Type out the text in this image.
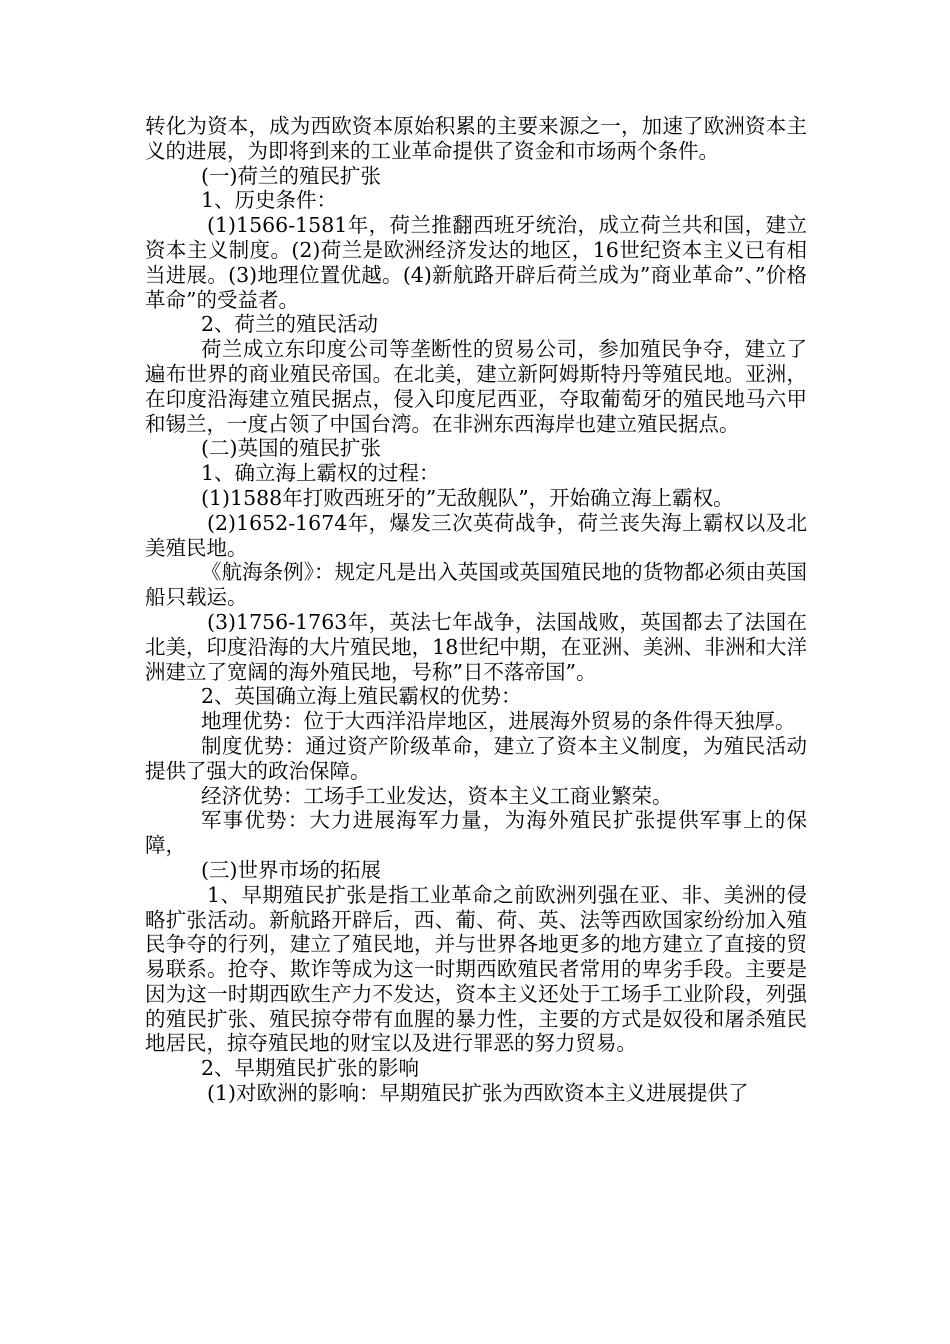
转化为资本，成为西欧资本原始积累的主要来源之一，加速了欧洲资本主义的进展，为即将到来的工业革命提供了资金和市场两个条件。

(一)荷兰的殖民扩张

1、历史条件：

(1)1566-1581年，荷兰推翻西班牙统治，成立荷兰共和国，建立资本主义制度。(2)荷兰是欧洲经济发达的地区，16世纪资本主义已有相当进展。(3)地理位置优越。(4)新航路开辟后荷兰成为”商业革命”、”价格革命”的受益者。

2、荷兰的殖民活动

荷兰成立东印度公司等垄断性的贸易公司，参加殖民争夺，建立了遍布世界的商业殖民帝国。在北美，建立新阿姆斯特丹等殖民地。亚洲，在印度沿海建立殖民据点，侵入印度尼西亚，夺取葡萄牙的殖民地马六甲和锡兰，一度占领了中国台湾。在非洲东西海岸也建立殖民据点。

(二)英国的殖民扩张

1、确立海上霸权的过程：

(1)1588年打败西班牙的”无敌舰队”，开始确立海上霸权。

(2)1652-1674年，爆发三次英荷战争，荷兰丧失海上霸权以及北美殖民地。

《航海条例》：规定凡是出入英国或英国殖民地的货物都必须由英国船只载运。

(3)1756-1763年，英法七年战争，法国战败，英国都去了法国在北美，印度沿海的大片殖民地，18世纪中期，在亚洲、美洲、非洲和大洋洲建立了宽阔的海外殖民地，号称”日不落帝国”。

2、英国确立海上殖民霸权的优势：

地理优势：位于大西洋沿岸地区，进展海外贸易的条件得天独厚。

制度优势：通过资产阶级革命，建立了资本主义制度，为殖民活动提供了强大的政治保障。

经济优势：工场手工业发达，资本主义工商业繁荣。

军事优势：大力进展海军力量，为海外殖民扩张提供军事上的保障，

(三)世界市场的拓展

1、早期殖民扩张是指工业革命之前欧洲列强在亚、非、美洲的侵略扩张活动。新航路开辟后，西、葡、荷、英、法等西欧国家纷纷加入殖民争夺的行列，建立了殖民地，并与世界各地更多的地方建立了直接的贸易联系。抢夺、欺诈等成为这一时期西欧殖民者常用的卑劣手段。主要是因为这一时期西欧生产力不发达，资本主义还处于工场手工业阶段，列强的殖民扩张、殖民掠夺带有血腥的暴力性，主要的方式是奴役和屠杀殖民地居民，掠夺殖民地的财宝以及进行罪恶的努力贸易。

2、早期殖民扩张的影响

(1)对欧洲的影响：早期殖民扩张为西欧资本主义进展提供了
